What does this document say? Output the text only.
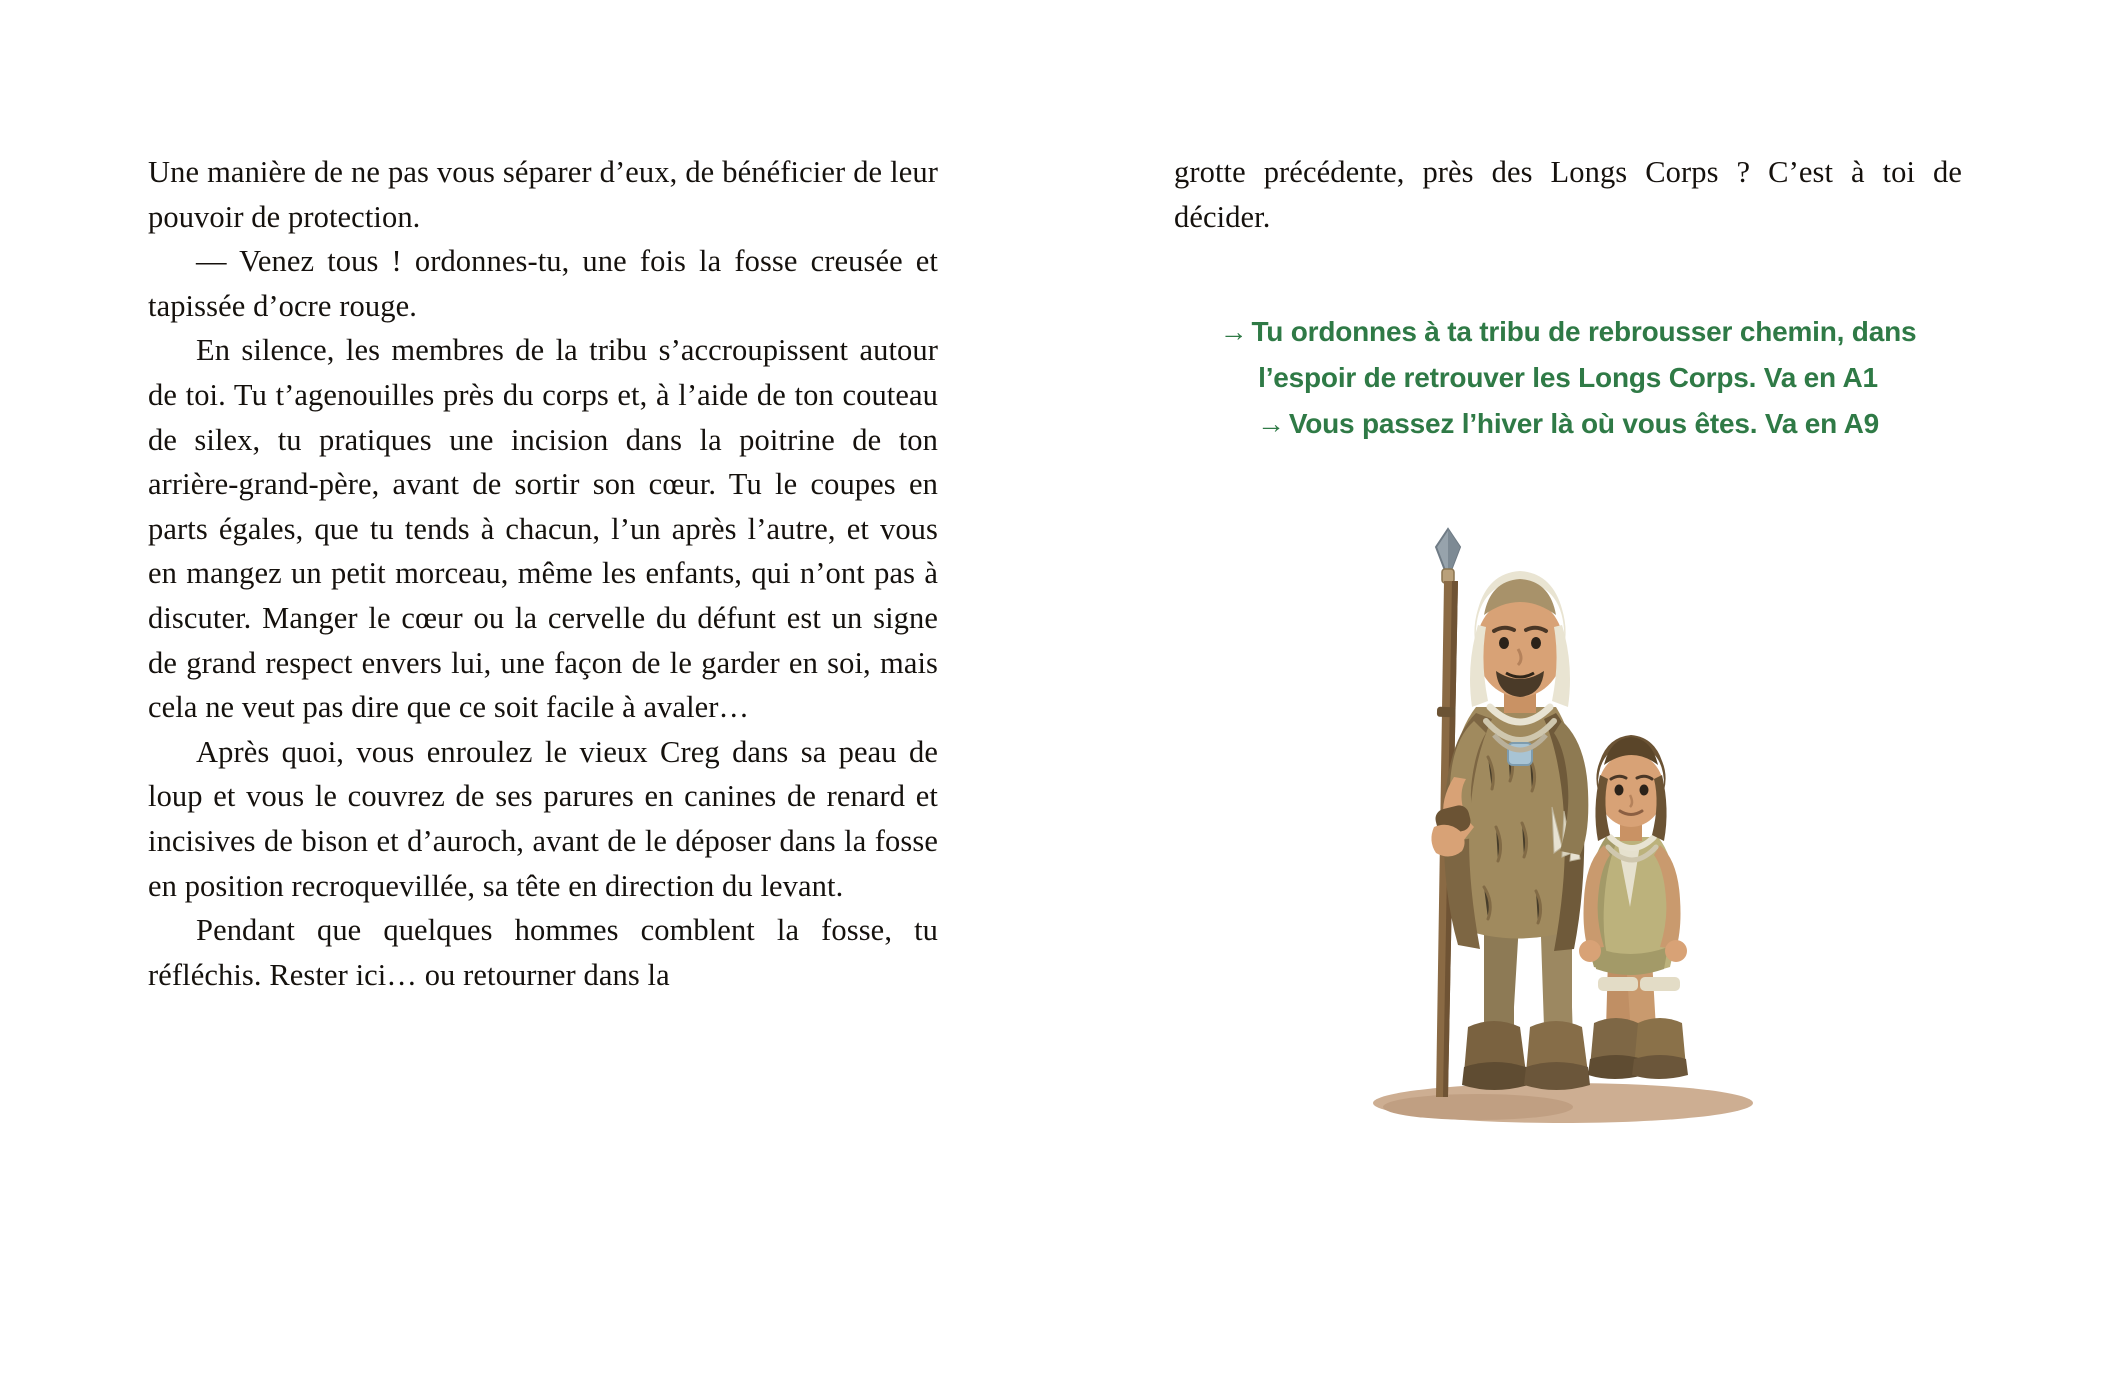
Une manière de ne pas vous séparer d’eux, de bénéficier de leur pouvoir de protection.

— Venez tous ! ordonnes-tu, une fois la fosse creusée et tapissée d’ocre rouge.

En silence, les membres de la tribu s’accroupissent autour de toi. Tu t’agenouilles près du corps et, à l’aide de ton couteau de silex, tu pratiques une incision dans la poitrine de ton arrière-grand-père, avant de sortir son cœur. Tu le coupes en parts égales, que tu tends à chacun, l’un après l’autre, et vous en mangez un petit morceau, même les enfants, qui n’ont pas à discuter. Manger le cœur ou la cervelle du défunt est un signe de grand respect envers lui, une façon de le garder en soi, mais cela ne veut pas dire que ce soit facile à avaler…

Après quoi, vous enroulez le vieux Creg dans sa peau de loup et vous le couvrez de ses parures en canines de renard et incisives de bison et d’auroch, avant de le déposer dans la fosse en position recroquevillée, sa tête en direction du levant.

Pendant que quelques hommes comblent la fosse, tu réfléchis. Rester ici… ou retourner dans la

grotte précédente, près des Longs Corps ? C’est à toi de décider.

→ Tu ordonnes à ta tribu de rebrousser chemin, dans l’espoir de retrouver les Longs Corps. Va en A1
→ Vous passez l’hiver là où vous êtes. Va en A9
